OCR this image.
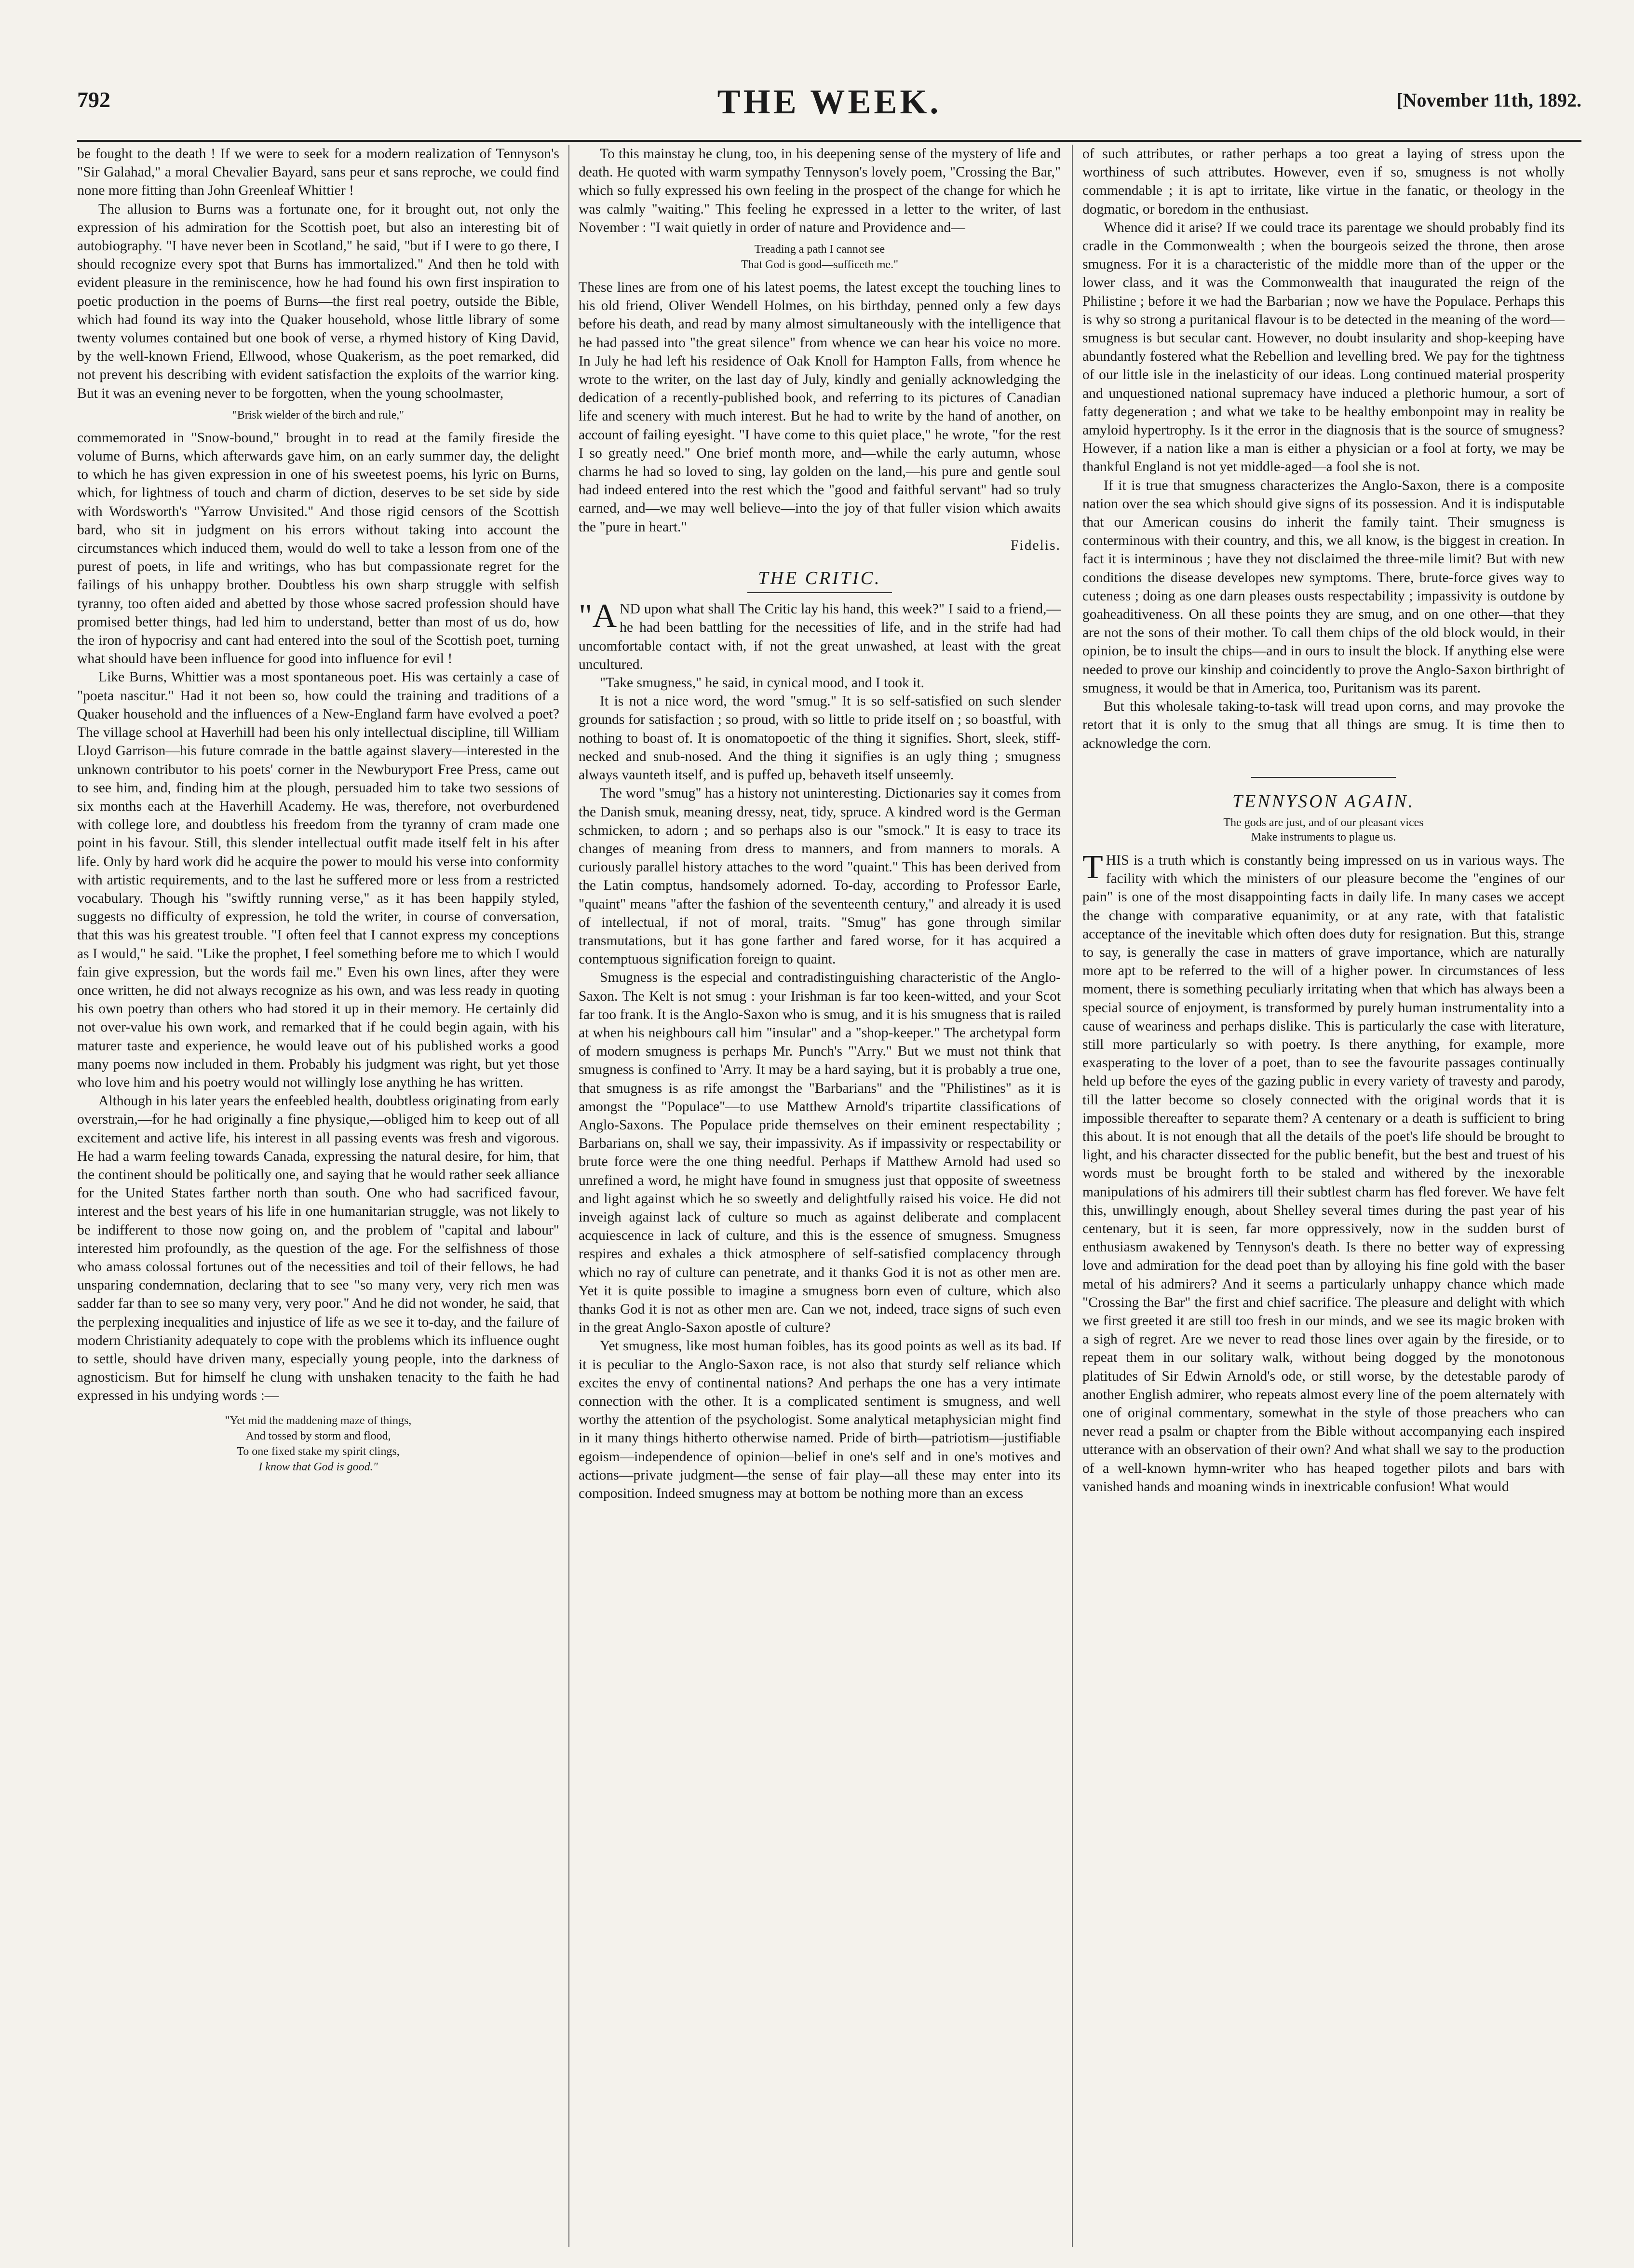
792	THE WEEK.	[November 11th, 1892.

be fought to the death ! If we were to seek for a modern realization of Tennyson's "Sir Galahad," a moral Chevalier Bayard, sans peur et sans reproche, we could find none more fitting than John Greenleaf Whittier !

The allusion to Burns was a fortunate one, for it brought out, not only the expression of his admiration for the Scottish poet, but also an interesting bit of autobiography. "I have never been in Scotland," he said, "but if I were to go there, I should recognize every spot that Burns has immortalized." And then he told with evident pleasure in the reminiscence, how he had found his own first inspiration to poetic production in the poems of Burns—the first real poetry, outside the Bible, which had found its way into the Quaker household, whose little library of some twenty volumes contained but one book of verse, a rhymed history of King David, by the well-known Friend, Ellwood, whose Quakerism, as the poet remarked, did not prevent his describing with evident satisfaction the exploits of the warrior king. But it was an evening never to be forgotten, when the young schoolmaster,

"Brisk wielder of the birch and rule,"

commemorated in "Snow-bound," brought in to read at the family fireside the volume of Burns, which afterwards gave him, on an early summer day, the delight to which he has given expression in one of his sweetest poems, his lyric on Burns, which, for lightness of touch and charm of diction, deserves to be set side by side with Wordsworth's "Yarrow Unvisited." And those rigid censors of the Scottish bard, who sit in judgment on his errors without taking into account the circumstances which induced them, would do well to take a lesson from one of the purest of poets, in life and writings, who has but compassionate regret for the failings of his unhappy brother. Doubtless his own sharp struggle with selfish tyranny, too often aided and abetted by those whose sacred profession should have promised better things, had led him to understand, better than most of us do, how the iron of hypocrisy and cant had entered into the soul of the Scottish poet, turning what should have been influence for good into influence for evil !

Like Burns, Whittier was a most spontaneous poet. His was certainly a case of "poeta nascitur." Had it not been so, how could the training and traditions of a Quaker household and the influences of a New-England farm have evolved a poet? The village school at Haverhill had been his only intellectual discipline, till William Lloyd Garrison—his future comrade in the battle against slavery—interested in the unknown contributor to his poets' corner in the Newburyport Free Press, came out to see him, and, finding him at the plough, persuaded him to take two sessions of six months each at the Haverhill Academy. He was, therefore, not overburdened with college lore, and doubtless his freedom from the tyranny of cram made one point in his favour. Still, this slender intellectual outfit made itself felt in his after life. Only by hard work did he acquire the power to mould his verse into conformity with artistic requirements, and to the last he suffered more or less from a restricted vocabulary. Though his "swiftly running verse," as it has been happily styled, suggests no difficulty of expression, he told the writer, in course of conversation, that this was his greatest trouble. "I often feel that I cannot express my conceptions as I would," he said. "Like the prophet, I feel something before me to which I would fain give expression, but the words fail me." Even his own lines, after they were once written, he did not always recognize as his own, and was less ready in quoting his own poetry than others who had stored it up in their memory. He certainly did not over-value his own work, and remarked that if he could begin again, with his maturer taste and experience, he would leave out of his published works a good many poems now included in them. Probably his judgment was right, but yet those who love him and his poetry would not willingly lose anything he has written.

Although in his later years the enfeebled health, doubtless originating from early overstrain,—for he had originally a fine physique,—obliged him to keep out of all excitement and active life, his interest in all passing events was fresh and vigorous. He had a warm feeling towards Canada, expressing the natural desire, for him, that the continent should be politically one, and saying that he would rather seek alliance for the United States farther north than south. One who had sacrificed favour, interest and the best years of his life in one humanitarian struggle, was not likely to be indifferent to those now going on, and the problem of "capital and labour" interested him profoundly, as the question of the age. For the selfishness of those who amass colossal fortunes out of the necessities and toil of their fellows, he had unsparing condemnation, declaring that to see "so many very, very rich men was sadder far than to see so many very, very poor." And he did not wonder, he said, that the perplexing inequalities and injustice of life as we see it to-day, and the failure of modern Christianity adequately to cope with the problems which its influence ought to settle, should have driven many, especially young people, into the darkness of agnosticism. But for himself he clung with unshaken tenacity to the faith he had expressed in his undying words :—

"Yet mid the maddening maze of things,

And tossed by storm and flood,

To one fixed stake my spirit clings,

I know that God is good."

To this mainstay he clung, too, in his deepening sense of the mystery of life and death. He quoted with warm sympathy Tennyson's lovely poem, "Crossing the Bar," which so fully expressed his own feeling in the prospect of the change for which he was calmly "waiting." This feeling he expressed in a letter to the writer, of last November : "I wait quietly in order of nature and Providence and—

Treading a path I cannot see

That God is good—sufficeth me."

These lines are from one of his latest poems, the latest except the touching lines to his old friend, Oliver Wendell Holmes, on his birthday, penned only a few days before his death, and read by many almost simultaneously with the intelligence that he had passed into "the great silence" from whence we can hear his voice no more. In July he had left his residence of Oak Knoll for Hampton Falls, from whence he wrote to the writer, on the last day of July, kindly and genially acknowledging the dedication of a recently-published book, and referring to its pictures of Canadian life and scenery with much interest. But he had to write by the hand of another, on account of failing eyesight. "I have come to this quiet place," he wrote, "for the rest I so greatly need." One brief month more, and—while the early autumn, whose charms he had so loved to sing, lay golden on the land,—his pure and gentle soul had indeed entered into the rest which the "good and faithful servant" had so truly earned, and—we may well believe—into the joy of that fuller vision which awaits the "pure in heart."

Fidelis.

THE CRITIC.

"AND upon what shall The Critic lay his hand, this week?" I said to a friend,—he had been battling for the necessities of life, and in the strife had had uncomfortable contact with, if not the great unwashed, at least with the great uncultured.

"Take smugness," he said, in cynical mood, and I took it.

It is not a nice word, the word "smug." It is so self-satisfied on such slender grounds for satisfaction ; so proud, with so little to pride itself on ; so boastful, with nothing to boast of. It is onomatopoetic of the thing it signifies. Short, sleek, stiff-necked and snub-nosed. And the thing it signifies is an ugly thing ; smugness always vaunteth itself, and is puffed up, behaveth itself unseemly.

The word "smug" has a history not uninteresting. Dictionaries say it comes from the Danish smuk, meaning dressy, neat, tidy, spruce. A kindred word is the German schmicken, to adorn ; and so perhaps also is our "smock." It is easy to trace its changes of meaning from dress to manners, and from manners to morals. A curiously parallel history attaches to the word "quaint." This has been derived from the Latin comptus, handsomely adorned. To-day, according to Professor Earle, "quaint" means "after the fashion of the seventeenth century," and already it is used of intellectual, if not of moral, traits. "Smug" has gone through similar transmutations, but it has gone farther and fared worse, for it has acquired a contemptuous signification foreign to quaint.

Smugness is the especial and contradistinguishing characteristic of the Anglo-Saxon. The Kelt is not smug : your Irishman is far too keen-witted, and your Scot far too frank. It is the Anglo-Saxon who is smug, and it is his smugness that is railed at when his neighbours call him "insular" and a "shop-keeper." The archetypal form of modern smugness is perhaps Mr. Punch's "'Arry." But we must not think that smugness is confined to 'Arry. It may be a hard saying, but it is probably a true one, that smugness is as rife amongst the "Barbarians" and the "Philistines" as it is amongst the "Populace"—to use Matthew Arnold's tripartite classifications of Anglo-Saxons. The Populace pride themselves on their eminent respectability ; Barbarians on, shall we say, their impassivity. As if impassivity or respectability or brute force were the one thing needful. Perhaps if Matthew Arnold had used so unrefined a word, he might have found in smugness just that opposite of sweetness and light against which he so sweetly and delightfully raised his voice. He did not inveigh against lack of culture so much as against deliberate and complacent acquiescence in lack of culture, and this is the essence of smugness. Smugness respires and exhales a thick atmosphere of self-satisfied complacency through which no ray of culture can penetrate, and it thanks God it is not as other men are. Yet it is quite possible to imagine a smugness born even of culture, which also thanks God it is not as other men are. Can we not, indeed, trace signs of such even in the great Anglo-Saxon apostle of culture?

Yet smugness, like most human foibles, has its good points as well as its bad. If it is peculiar to the Anglo-Saxon race, is not also that sturdy self reliance which excites the envy of continental nations? And perhaps the one has a very intimate connection with the other. It is a complicated sentiment is smugness, and well worthy the attention of the psychologist. Some analytical metaphysician might find in it many things hitherto otherwise named. Pride of birth—patriotism—justifiable egoism—independence of opinion—belief in one's self and in one's motives and actions—private judgment—the sense of fair play—all these may enter into its composition. Indeed smugness may at bottom be nothing more than an excess

of such attributes, or rather perhaps a too great a laying of stress upon the worthiness of such attributes. However, even if so, smugness is not wholly commendable ; it is apt to irritate, like virtue in the fanatic, or theology in the dogmatic, or boredom in the enthusiast.

Whence did it arise? If we could trace its parentage we should probably find its cradle in the Commonwealth ; when the bourgeois seized the throne, then arose smugness. For it is a characteristic of the middle more than of the upper or the lower class, and it was the Commonwealth that inaugurated the reign of the Philistine ; before it we had the Barbarian ; now we have the Populace. Perhaps this is why so strong a puritanical flavour is to be detected in the meaning of the word—smugness is but secular cant. However, no doubt insularity and shop-keeping have abundantly fostered what the Rebellion and levelling bred. We pay for the tightness of our little isle in the inelasticity of our ideas. Long continued material prosperity and unquestioned national supremacy have induced a plethoric humour, a sort of fatty degeneration ; and what we take to be healthy embonpoint may in reality be amyloid hypertrophy. Is it the error in the diagnosis that is the source of smugness? However, if a nation like a man is either a physician or a fool at forty, we may be thankful England is not yet middle-aged—a fool she is not.

If it is true that smugness characterizes the Anglo-Saxon, there is a composite nation over the sea which should give signs of its possession. And it is indisputable that our American cousins do inherit the family taint. Their smugness is conterminous with their country, and this, we all know, is the biggest in creation. In fact it is interminous ; have they not disclaimed the three-mile limit? But with new conditions the disease developes new symptoms. There, brute-force gives way to cuteness ; doing as one darn pleases ousts respectability ; impassivity is outdone by goaheaditiveness. On all these points they are smug, and on one other—that they are not the sons of their mother. To call them chips of the old block would, in their opinion, be to insult the chips—and in ours to insult the block. If anything else were needed to prove our kinship and coincidently to prove the Anglo-Saxon birthright of smugness, it would be that in America, too, Puritanism was its parent.

But this wholesale taking-to-task will tread upon corns, and may provoke the retort that it is only to the smug that all things are smug. It is time then to acknowledge the corn.

TENNYSON AGAIN.

The gods are just, and of our pleasant vices

Make instruments to plague us.

THIS is a truth which is constantly being impressed on us in various ways. The facility with which the ministers of our pleasure become the "engines of our pain" is one of the most disappointing facts in daily life. In many cases we accept the change with comparative equanimity, or at any rate, with that fatalistic acceptance of the inevitable which often does duty for resignation. But this, strange to say, is generally the case in matters of grave importance, which are naturally more apt to be referred to the will of a higher power. In circumstances of less moment, there is something peculiarly irritating when that which has always been a special source of enjoyment, is transformed by purely human instrumentality into a cause of weariness and perhaps dislike. This is particularly the case with literature, still more particularly so with poetry. Is there anything, for example, more exasperating to the lover of a poet, than to see the favourite passages continually held up before the eyes of the gazing public in every variety of travesty and parody, till the latter become so closely connected with the original words that it is impossible thereafter to separate them? A centenary or a death is sufficient to bring this about. It is not enough that all the details of the poet's life should be brought to light, and his character dissected for the public benefit, but the best and truest of his words must be brought forth to be staled and withered by the inexorable manipulations of his admirers till their subtlest charm has fled forever. We have felt this, unwillingly enough, about Shelley several times during the past year of his centenary, but it is seen, far more oppressively, now in the sudden burst of enthusiasm awakened by Tennyson's death. Is there no better way of expressing love and admiration for the dead poet than by alloying his fine gold with the baser metal of his admirers? And it seems a particularly unhappy chance which made "Crossing the Bar" the first and chief sacrifice. The pleasure and delight with which we first greeted it are still too fresh in our minds, and we see its magic broken with a sigh of regret. Are we never to read those lines over again by the fireside, or to repeat them in our solitary walk, without being dogged by the monotonous platitudes of Sir Edwin Arnold's ode, or still worse, by the detestable parody of another English admirer, who repeats almost every line of the poem alternately with one of original commentary, somewhat in the style of those preachers who can never read a psalm or chapter from the Bible without accompanying each inspired utterance with an observation of their own? And what shall we say to the production of a well-known hymn-writer who has heaped together pilots and bars with vanished hands and moaning winds in inextricable confusion! What would
